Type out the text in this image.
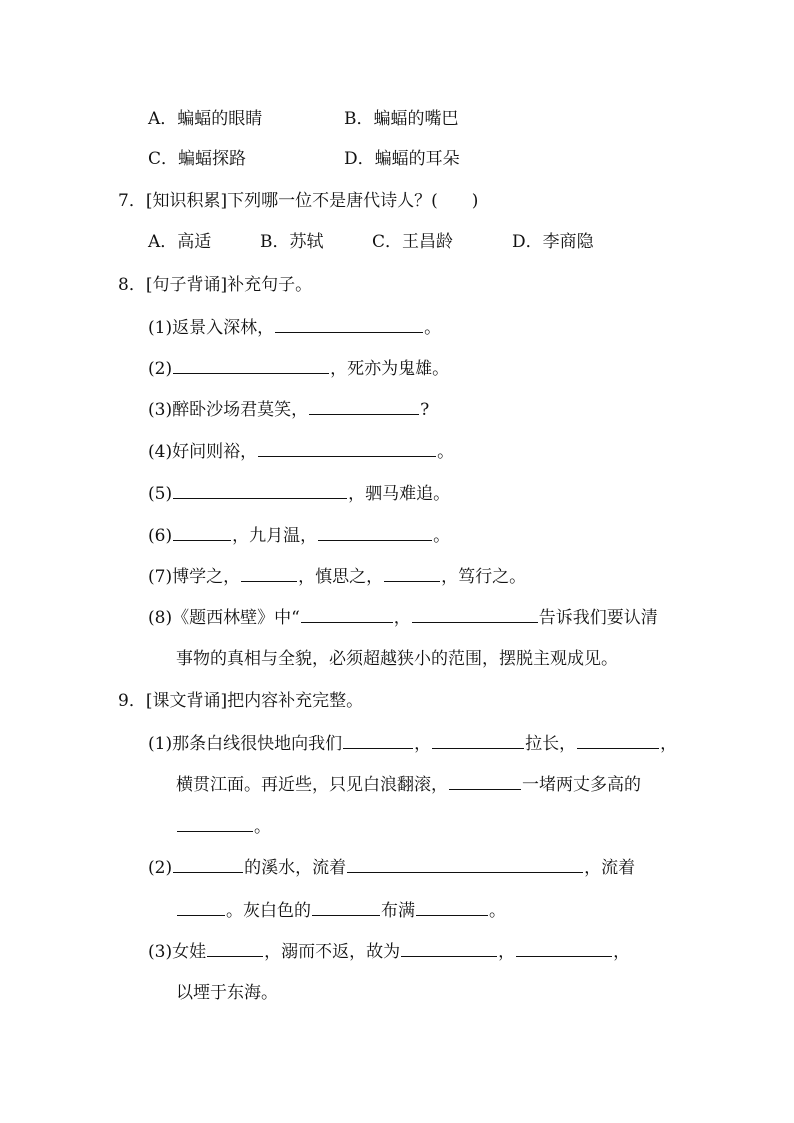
A．蝙蝠的眼睛	B．蝙蝠的嘴巴
C．蝙蝠探路	D．蝙蝠的耳朵
7．[知识积累]下列哪一位不是唐代诗人？(　　)
A．高适	B．苏轼	C．王昌龄	D．李商隐
8．[句子背诵]补充句子。
(1)返景入深林，	。
(2)	，死亦为鬼雄。
(3)醉卧沙场君莫笑，	?
(4)好问则裕，	。
(5)	，驷马难追。
(6)	，九月温，	。
(7)博学之，	，慎思之，	，笃行之。
(8)《题西林壁》中“	，	告诉我们要认清
事物的真相与全貌，必须超越狭小的范围，摆脱主观成见。
9．[课文背诵]把内容补充完整。
(1)那条白线很快地向我们	，	拉长，	，
横贯江面。再近些，只见白浪翻滚，	一堵两丈多高的
。
(2)	的溪水，流着	，流着
。灰白色的	布满	。
(3)女娃	，溺而不返，故为	，	，
以堙于东海。
